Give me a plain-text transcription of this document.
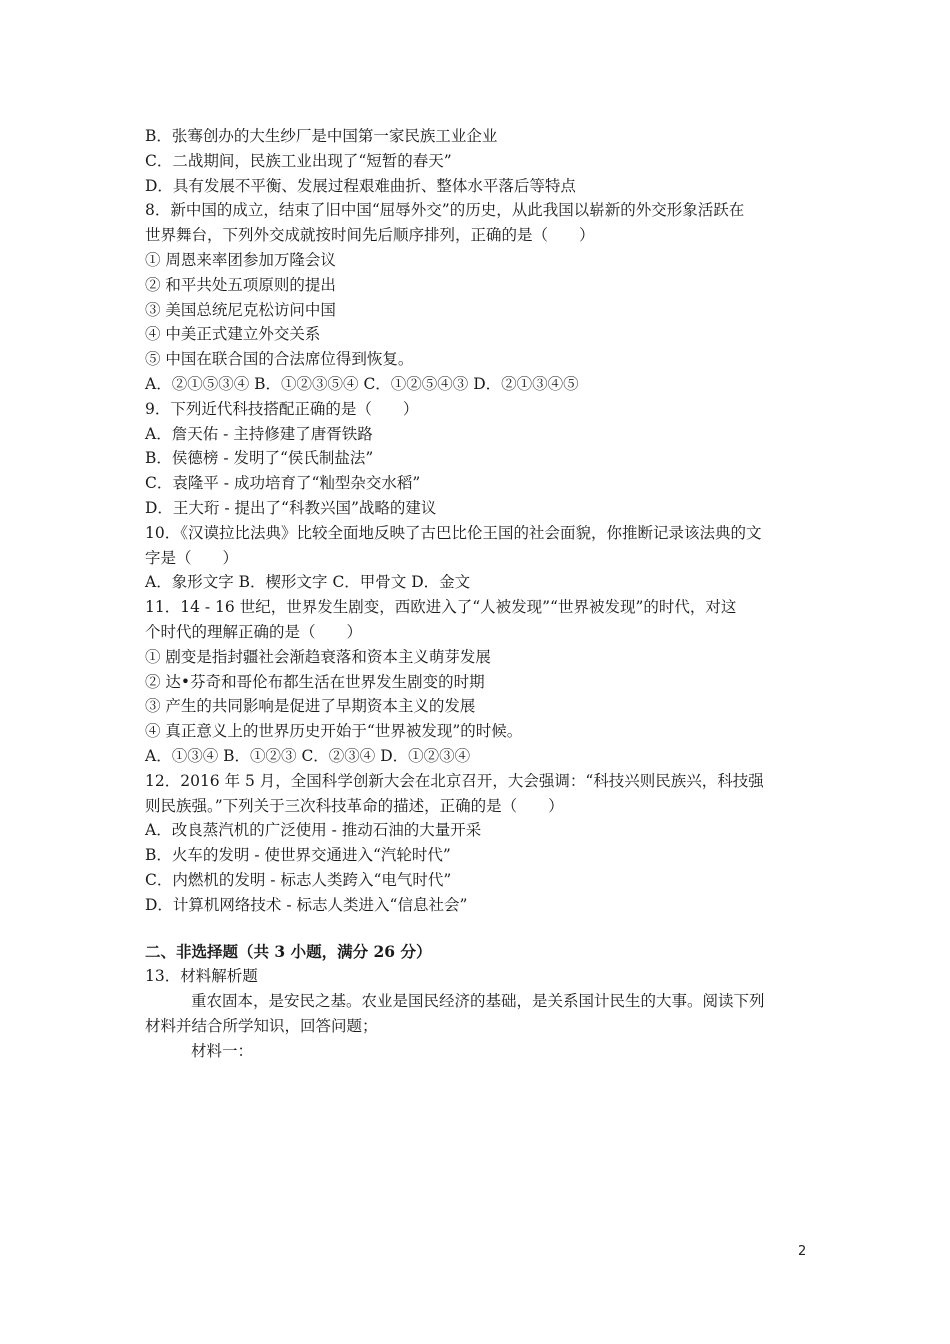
B．张骞创办的大生纱厂是中国第一家民族工业企业
C．二战期间，民族工业出现了“短暂的春天”
D．具有发展不平衡、发展过程艰难曲折、整体水平落后等特点
8．新中国的成立，结束了旧中国“屈辱外交”的历史，从此我国以崭新的外交形象活跃在
世界舞台，下列外交成就按时间先后顺序排列，正确的是（　　）
① 周恩来率团参加万隆会议
② 和平共处五项原则的提出
③ 美国总统尼克松访问中国
④ 中美正式建立外交关系
⑤ 中国在联合国的合法席位得到恢复。
A．②①⑤③④ B．①②③⑤④ C．①②⑤④③ D．②①③④⑤
9．下列近代科技搭配正确的是（　　）
A．詹天佑 - 主持修建了唐胥铁路
B．侯德榜 - 发明了“侯氏制盐法”
C．袁隆平 - 成功培育了“籼型杂交水稻”
D．王大珩 - 提出了“科教兴国”战略的建议
10．《汉谟拉比法典》比较全面地反映了古巴比伦王国的社会面貌，你推断记录该法典的文
字是（　　）
A．象形文字 B．楔形文字 C．甲骨文 D．金文
11．14 - 16 世纪，世界发生剧变，西欧进入了“人被发现”“世界被发现”的时代，对这
个时代的理解正确的是（　　）
① 剧变是指封疆社会渐趋衰落和资本主义萌芽发展
② 达•芬奇和哥伦布都生活在世界发生剧变的时期
③ 产生的共同影响是促进了早期资本主义的发展
④ 真正意义上的世界历史开始于“世界被发现”的时候。
A．①③④ B．①②③ C．②③④ D．①②③④
12．2016 年 5 月，全国科学创新大会在北京召开，大会强调：“科技兴则民族兴，科技强
则民族强。”下列关于三次科技革命的描述，正确的是（　　）
A．改良蒸汽机的广泛使用 - 推动石油的大量开采
B．火车的发明 - 使世界交通进入“汽轮时代”
C．内燃机的发明 - 标志人类跨入“电气时代”
D．计算机网络技术 - 标志人类进入“信息社会”
二、非选择题（共 3 小题，满分 26 分）
13．材料解析题
重农固本，是安民之基。农业是国民经济的基础，是关系国计民生的大事。阅读下列
材料并结合所学知识，回答问题；
材料一：
2
